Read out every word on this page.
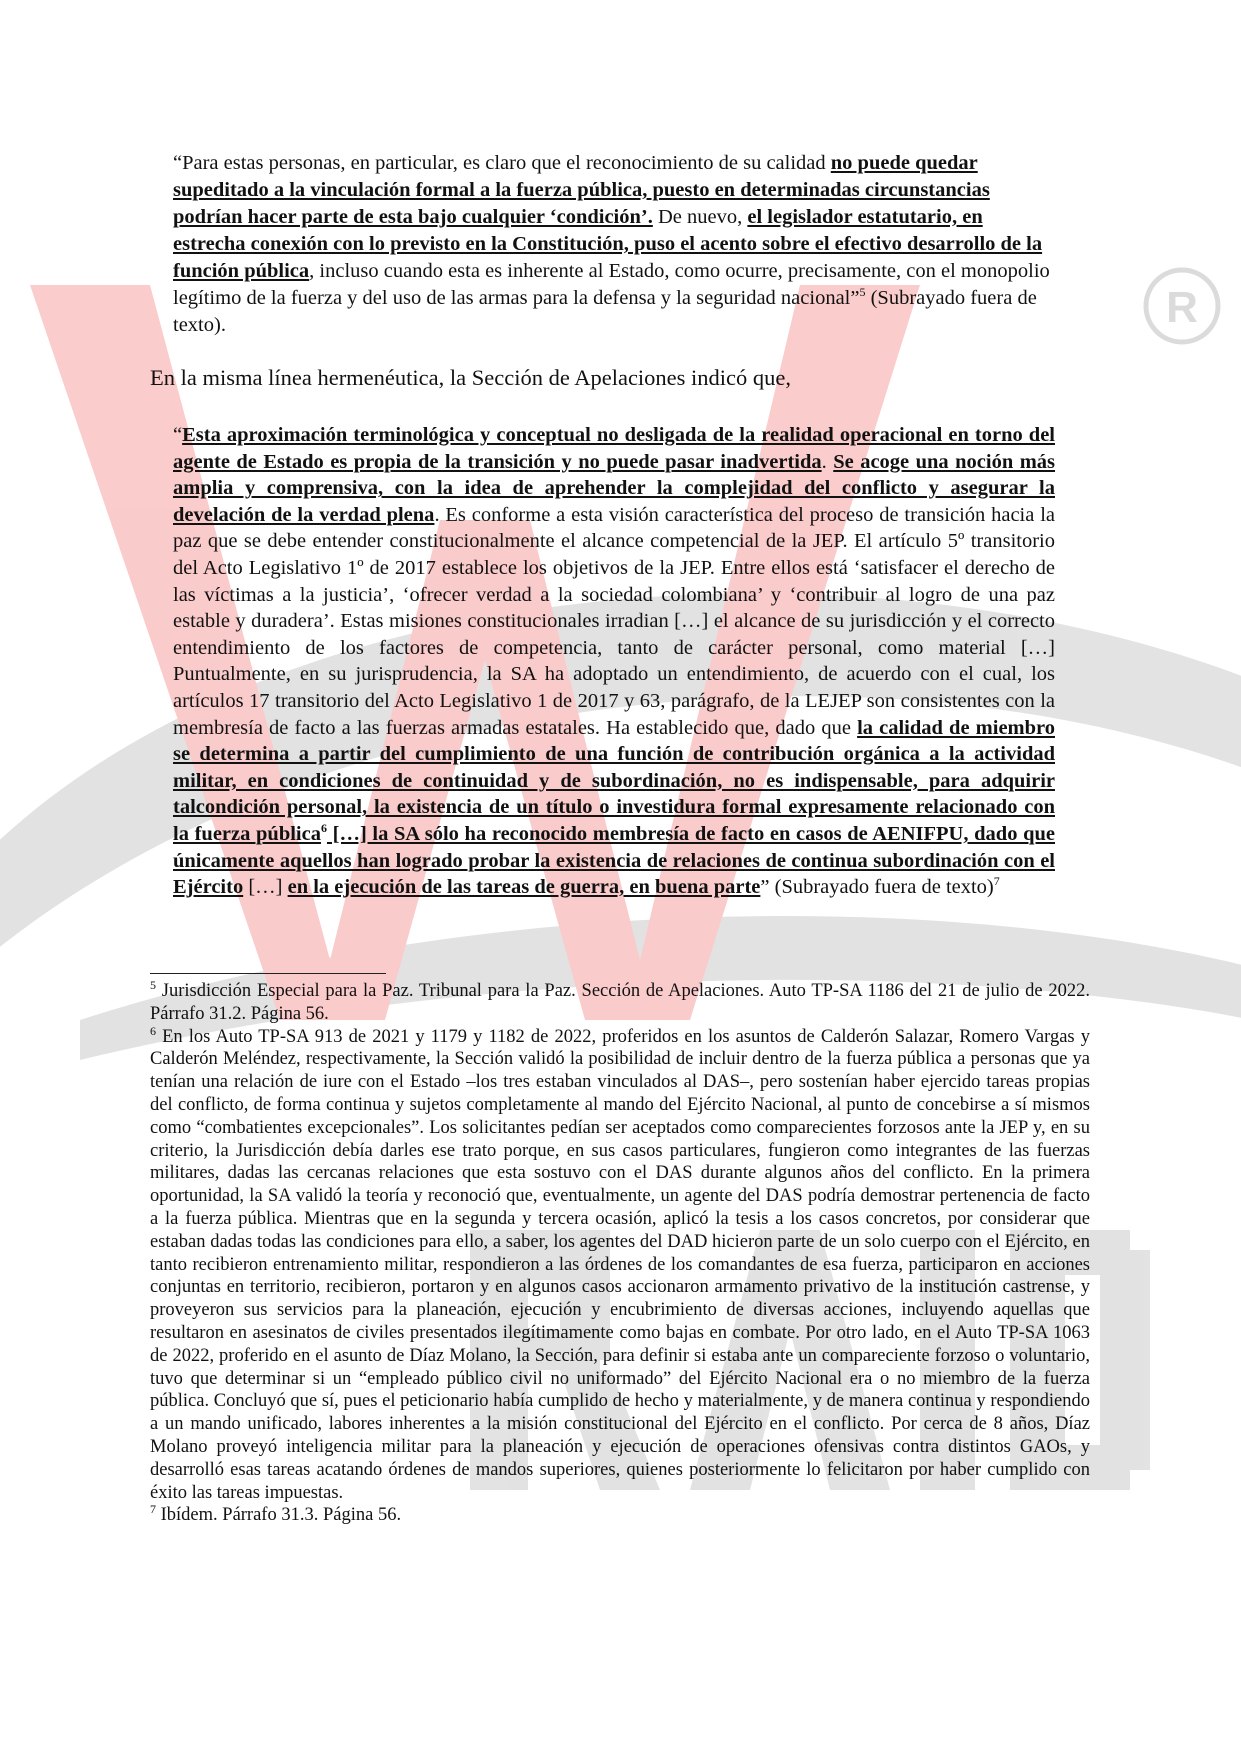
R
“Para estas personas, en particular, es claro que el reconocimiento de su calidad no puede quedar supeditado a la vinculación formal a la fuerza pública, puesto en determinadas circunstancias podrían hacer parte de esta bajo cualquier ‘condición’. De nuevo, el legislador estatutario, en estrecha conexión con lo previsto en la Constitución, puso el acento sobre el efectivo desarrollo de la función pública, incluso cuando esta es inherente al Estado, como ocurre, precisamente, con el monopolio legítimo de la fuerza y del uso de las armas para la defensa y la seguridad nacional”$^5$ (Subrayado fuera de texto).
En la misma línea hermenéutica, la Sección de Apelaciones indicó que,
“Esta aproximación terminológica y conceptual no desligada de la realidad operacional en torno del agente de Estado es propia de la transición y no puede pasar inadvertida. Se acoge una noción más amplia y comprensiva, con la idea de aprehender la complejidad del conflicto y asegurar la develación de la verdad plena. Es conforme a esta visión característica del proceso de transición hacia la paz que se debe entender constitucionalmente el alcance competencial de la JEP. El artículo 5º transitorio del Acto Legislativo 1º de 2017 establece los objetivos de la JEP. Entre ellos está ‘satisfacer el derecho de las víctimas a la justicia’, ‘ofrecer verdad a la sociedad colombiana’ y ‘contribuir al logro de una paz estable y duradera’. Estas misiones constitucionales irradian […] el alcance de su jurisdicción y el correcto entendimiento de los factores de competencia, tanto de carácter personal, como material […] Puntualmente, en su jurisprudencia, la SA ha adoptado un entendimiento, de acuerdo con el cual, los artículos 17 transitorio del Acto Legislativo 1 de 2017 y 63, parágrafo, de la LEJEP son consistentes con la membresía de facto a las fuerzas armadas estatales. Ha establecido que, dado que la calidad de miembro se determina a partir del cumplimiento de una función de contribución orgánica a la actividad militar, en condiciones de continuidad y de subordinación, no es indispensable, para adquirir talcondición personal, la existencia de un título o investidura formal expresamente relacionado con la fuerza pública$^6$ […] la SA sólo ha reconocido membresía de facto en casos de AENIFPU, dado que únicamente aquellos han logrado probar la existencia de relaciones de continua subordinación con el Ejército […] en la ejecución de las tareas de guerra, en buena parte” (Subrayado fuera de texto)$^7$

$^5$ Jurisdicción Especial para la Paz. Tribunal para la Paz. Sección de Apelaciones. Auto TP-SA 1186 del 21 de julio de 2022. Párrafo 31.2. Página 56.

$^6$ En los Auto TP-SA 913 de 2021 y 1179 y 1182 de 2022, proferidos en los asuntos de Calderón Salazar, Romero Vargas y Calderón Meléndez, respectivamente, la Sección validó la posibilidad de incluir dentro de la fuerza pública a personas que ya tenían una relación de iure con el Estado –los tres estaban vinculados al DAS–, pero sostenían haber ejercido tareas propias del conflicto, de forma continua y sujetos completamente al mando del Ejército Nacional, al punto de concebirse a sí mismos como “combatientes excepcionales”. Los solicitantes pedían ser aceptados como comparecientes forzosos ante la JEP y, en su criterio, la Jurisdicción debía darles ese trato porque, en sus casos particulares, fungieron como integrantes de las fuerzas militares, dadas las cercanas relaciones que esta sostuvo con el DAS durante algunos años del conflicto. En la primera oportunidad, la SA validó la teoría y reconoció que, eventualmente, un agente del DAS podría demostrar pertenencia de facto a la fuerza pública. Mientras que en la segunda y tercera ocasión, aplicó la tesis a los casos concretos, por considerar que estaban dadas todas las condiciones para ello, a saber, los agentes del DAD hicieron parte de un solo cuerpo con el Ejército, en tanto recibieron entrenamiento militar, respondieron a las órdenes de los comandantes de esa fuerza, participaron en acciones conjuntas en territorio, recibieron, portaron y en algunos casos accionaron armamento privativo de la institución castrense, y proveyeron sus servicios para la planeación, ejecución y encubrimiento de diversas acciones, incluyendo aquellas que resultaron en asesinatos de civiles presentados ilegítimamente como bajas en combate. Por otro lado, en el Auto TP-SA 1063 de 2022, proferido en el asunto de Díaz Molano, la Sección, para definir si estaba ante un compareciente forzoso o voluntario, tuvo que determinar si un “empleado público civil no uniformado” del Ejército Nacional era o no miembro de la fuerza pública. Concluyó que sí, pues el peticionario había cumplido de hecho y materialmente, y de manera continua y respondiendo a un mando unificado, labores inherentes a la misión constitucional del Ejército en el conflicto. Por cerca de 8 años, Díaz Molano proveyó inteligencia militar para la planeación y ejecución de operaciones ofensivas contra distintos GAOs, y desarrolló esas tareas acatando órdenes de mandos superiores, quienes posteriormente lo felicitaron por haber cumplido con éxito las tareas impuestas.

$^7$ Ibídem. Párrafo 31.3. Página 56.
